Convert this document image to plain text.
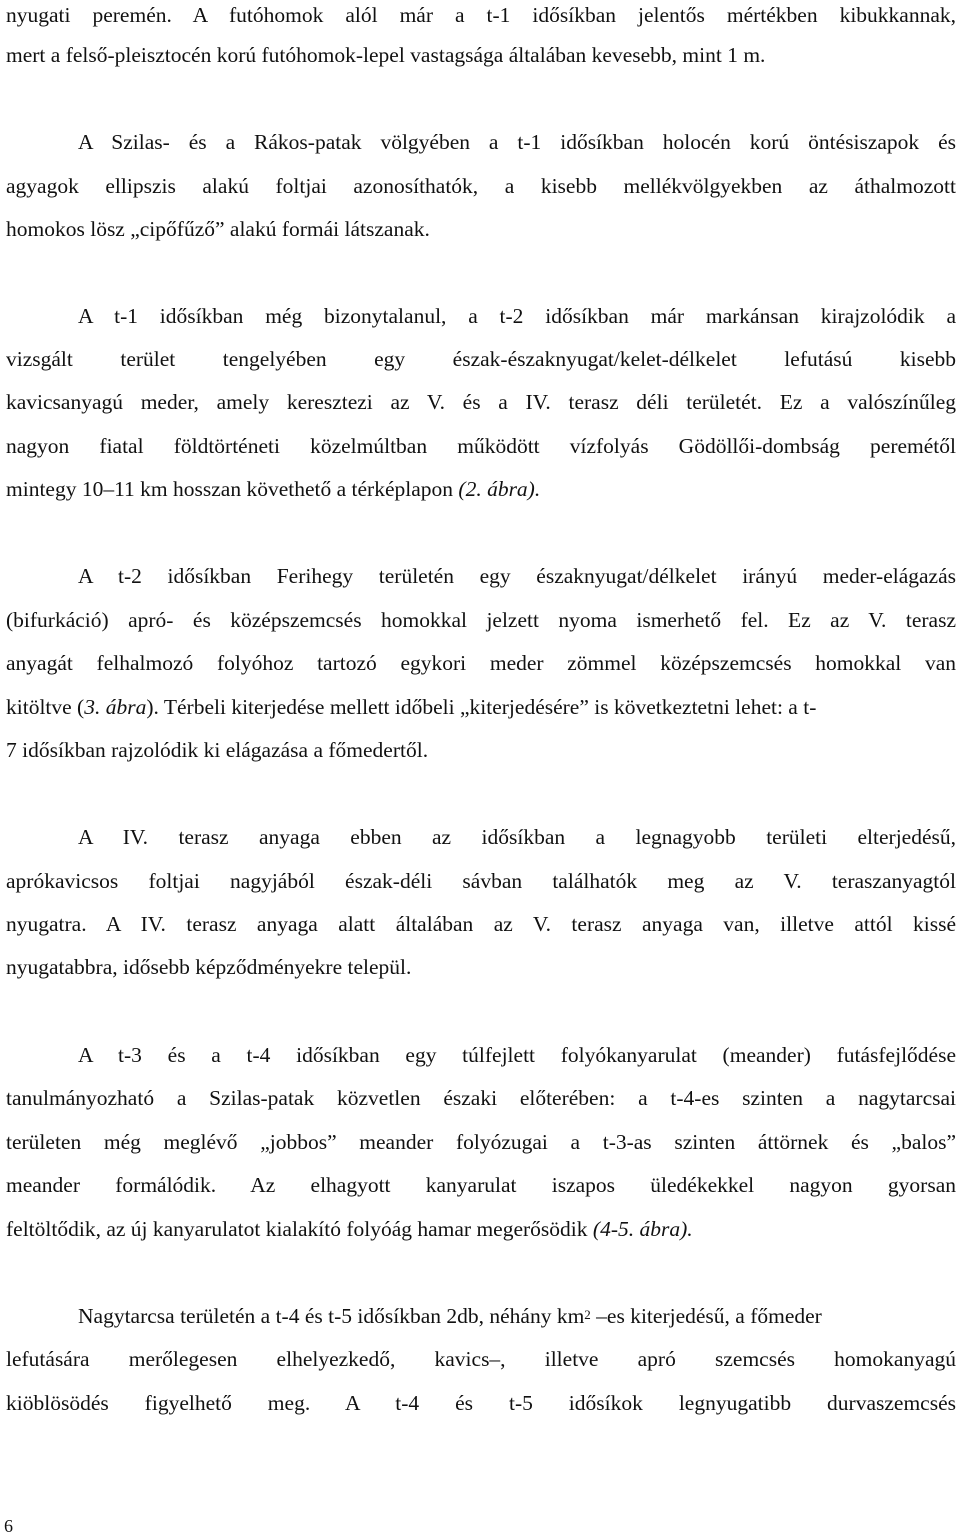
nyugati peremén. A futóhomok alól már a t-1 idősíkban jelentős mértékben kibukkannak,
mert a felső-pleisztocén korú futóhomok-lepel vastagsága általában kevesebb, mint 1 m.
A Szilas- és a Rákos-patak völgyében a t-1 idősíkban holocén korú öntésiszapok és
agyagok ellipszis alakú foltjai azonosíthatók, a kisebb mellékvölgyekben az áthalmozott
homokos lösz „cipőfűző” alakú formái látszanak.
A t-1 idősíkban még bizonytalanul, a t-2 idősíkban már markánsan kirajzolódik a
vizsgált terület tengelyében egy észak-északnyugat/kelet-délkelet lefutású kisebb
kavicsanyagú meder, amely keresztezi az V. és a IV. terasz déli területét. Ez a valószínűleg
nagyon fiatal földtörténeti közelmúltban működött vízfolyás Gödöllői-dombság peremétől
mintegy 10–11 km hosszan követhető a térképlapon (2. ábra).
A t-2 idősíkban Ferihegy területén egy északnyugat/délkelet irányú meder-elágazás
(bifurkáció) apró- és középszemcsés homokkal jelzett nyoma ismerhető fel. Ez az V. terasz
anyagát felhalmozó folyóhoz tartozó egykori meder zömmel középszemcsés homokkal van
kitöltve (3. ábra). Térbeli kiterjedése mellett időbeli „kiterjedésére” is következtetni lehet: a t-
7 idősíkban rajzolódik ki elágazása a főmedertől.
A IV. terasz anyaga ebben az idősíkban a legnagyobb területi elterjedésű,
aprókavicsos foltjai nagyjából észak-déli sávban találhatók meg az V. teraszanyagtól
nyugatra. A IV. terasz anyaga alatt általában az V. terasz anyaga van, illetve attól kissé
nyugatabbra, idősebb képződményekre települ.
A t-3 és a t-4 idősíkban egy túlfejlett folyókanyarulat (meander) futásfejlődése
tanulmányozható a Szilas-patak közvetlen északi előterében: a t-4-es szinten a nagytarcsai
területen még meglévő „jobbos” meander folyózugai a t-3-as szinten áttörnek és „balos”
meander formálódik. Az elhagyott kanyarulat iszapos üledékekkel nagyon gyorsan
feltöltődik, az új kanyarulatot kialakító folyóág hamar megerősödik (4-5. ábra).
Nagytarcsa területén a t-4 és t-5 idősíkban 2db, néhány $km^2$ –es kiterjedésű, a főmeder
lefutására merőlegesen elhelyezkedő, kavics–, illetve apró szemcsés homokanyagú
kiöblösödés figyelhető meg. A t-4 és t-5 idősíkok legnyugatibb durvaszemcsés
6
